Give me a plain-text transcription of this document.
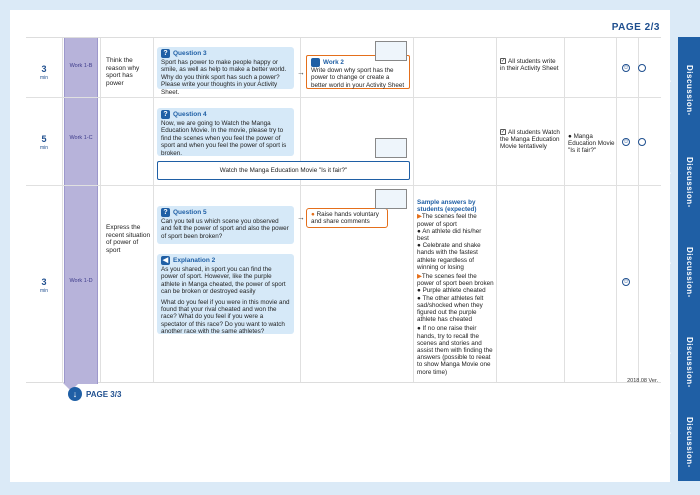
PAGE 2/3
3
min
Work 1-B
Think the reason why sport has power
? Question 3
Sport has power to make people happy or smile, as well as help to make a better world. Why do you think sport has such a power? Please write your thoughts in your Activity Sheet.
→
Work 2
Write down why sport has the power to change or create a better world in your Activity Sheet
✓ All students write in their Activity Sheet	☺
5
min
Work 1-C
? Question 4
Now, we are going to Watch the Manga Education Movie. In the movie, please try to find the scenes when you feel the power of sport and when you feel the power of sport is broken.
Watch the Manga Education Movie "Is it fair?"
✓ All students Watch the Manga Education Movie tentatively
● Manga Education Movie "Is it fair?"
☺
3
min
Work 1-D
Express the recent situation of power of sport
? Question 5
Can you tell us which scene you observed and felt the power of sport and also the power of sport been broken?
→ ● Raise hands voluntary and share comments
◀ Explanation 2
As you shared, in sport you can find the power of sport. However, like the purple athlete in Manga cheated, the power of sport can be broken or destroyed easily
What do you feel if you were in this movie and found that your rival cheated and won the race? What do you feel if you were a spectator of this race? Do you want to watch another race with the same athletes?
Sample answers by students (expected)
▶The scenes feel the power of sport
● An athlete did his/her best
● Celebrate and shake hands with the fastest athlete regardless of winning or losing
▶The scenes feel the power of sport been broken
● Purple athlete cheated
● The other athletes felt sad/shocked when they figured out the purple athlete has cheated
● If no one raise their hands, try to recall the scenes and stories and assist them with finding the answers (possible to reeat to show Manga Movie one more time)
☺
Discussion-base
Discussion-base
Discussion-base
Discussion-base
Discussion-base
2018.08 Ver.
↓	PAGE 3/3
